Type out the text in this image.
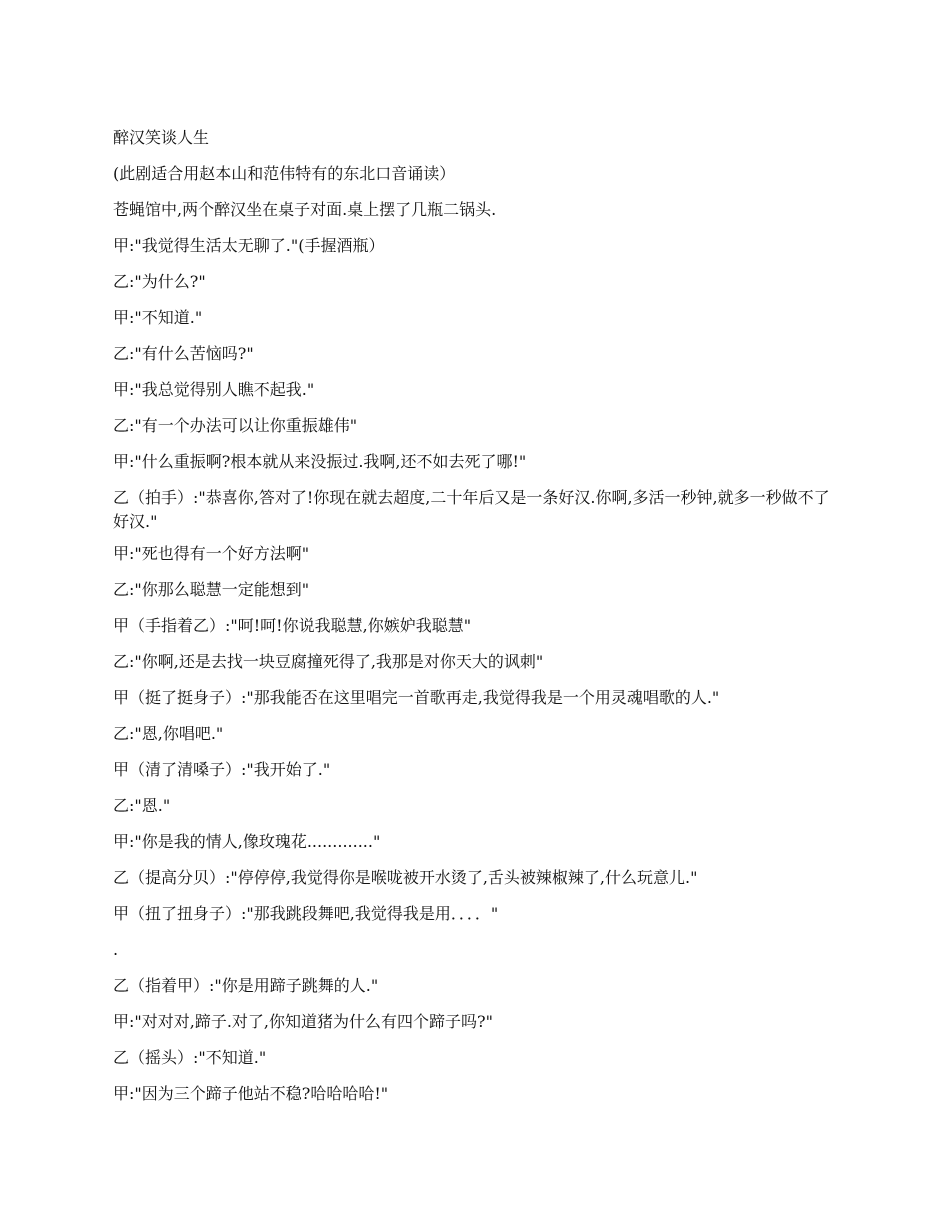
醉汉笑谈人生

(此剧适合用赵本山和范伟特有的东北口音诵读）

苍蝇馆中,两个醉汉坐在桌子对面.桌上摆了几瓶二锅头.

甲:"我觉得生活太无聊了."(手握酒瓶）

乙:"为什么?"

甲:"不知道."

乙:"有什么苦恼吗?"

甲:"我总觉得别人瞧不起我."

乙:"有一个办法可以让你重振雄伟"

甲:"什么重振啊?根本就从来没振过.我啊,还不如去死了哪!"

乙（拍手）:"恭喜你,答对了!你现在就去超度,二十年后又是一条好汉.你啊,多活一秒钟,就多一秒做不了好汉."

甲:"死也得有一个好方法啊"

乙:"你那么聪慧一定能想到"

甲（手指着乙）:"呵!呵!你说我聪慧,你嫉妒我聪慧"

乙:"你啊,还是去找一块豆腐撞死得了,我那是对你天大的讽刺"

甲（挺了挺身子）:"那我能否在这里唱完一首歌再走,我觉得我是一个用灵魂唱歌的人."

乙:"恩,你唱吧."

甲（清了清嗓子）:"我开始了."

乙:"恩."

甲:"你是我的情人,像玫瑰花............."

乙（提高分贝）:"停停停,我觉得你是喉咙被开水烫了,舌头被辣椒辣了,什么玩意儿."

甲（扭了扭身子）:"那我跳段舞吧,我觉得我是用．．．．"

.

乙（指着甲）:"你是用蹄子跳舞的人."

甲:"对对对,蹄子.对了,你知道猪为什么有四个蹄子吗?"

乙（摇头）:"不知道."

甲:"因为三个蹄子他站不稳?哈哈哈哈!"
